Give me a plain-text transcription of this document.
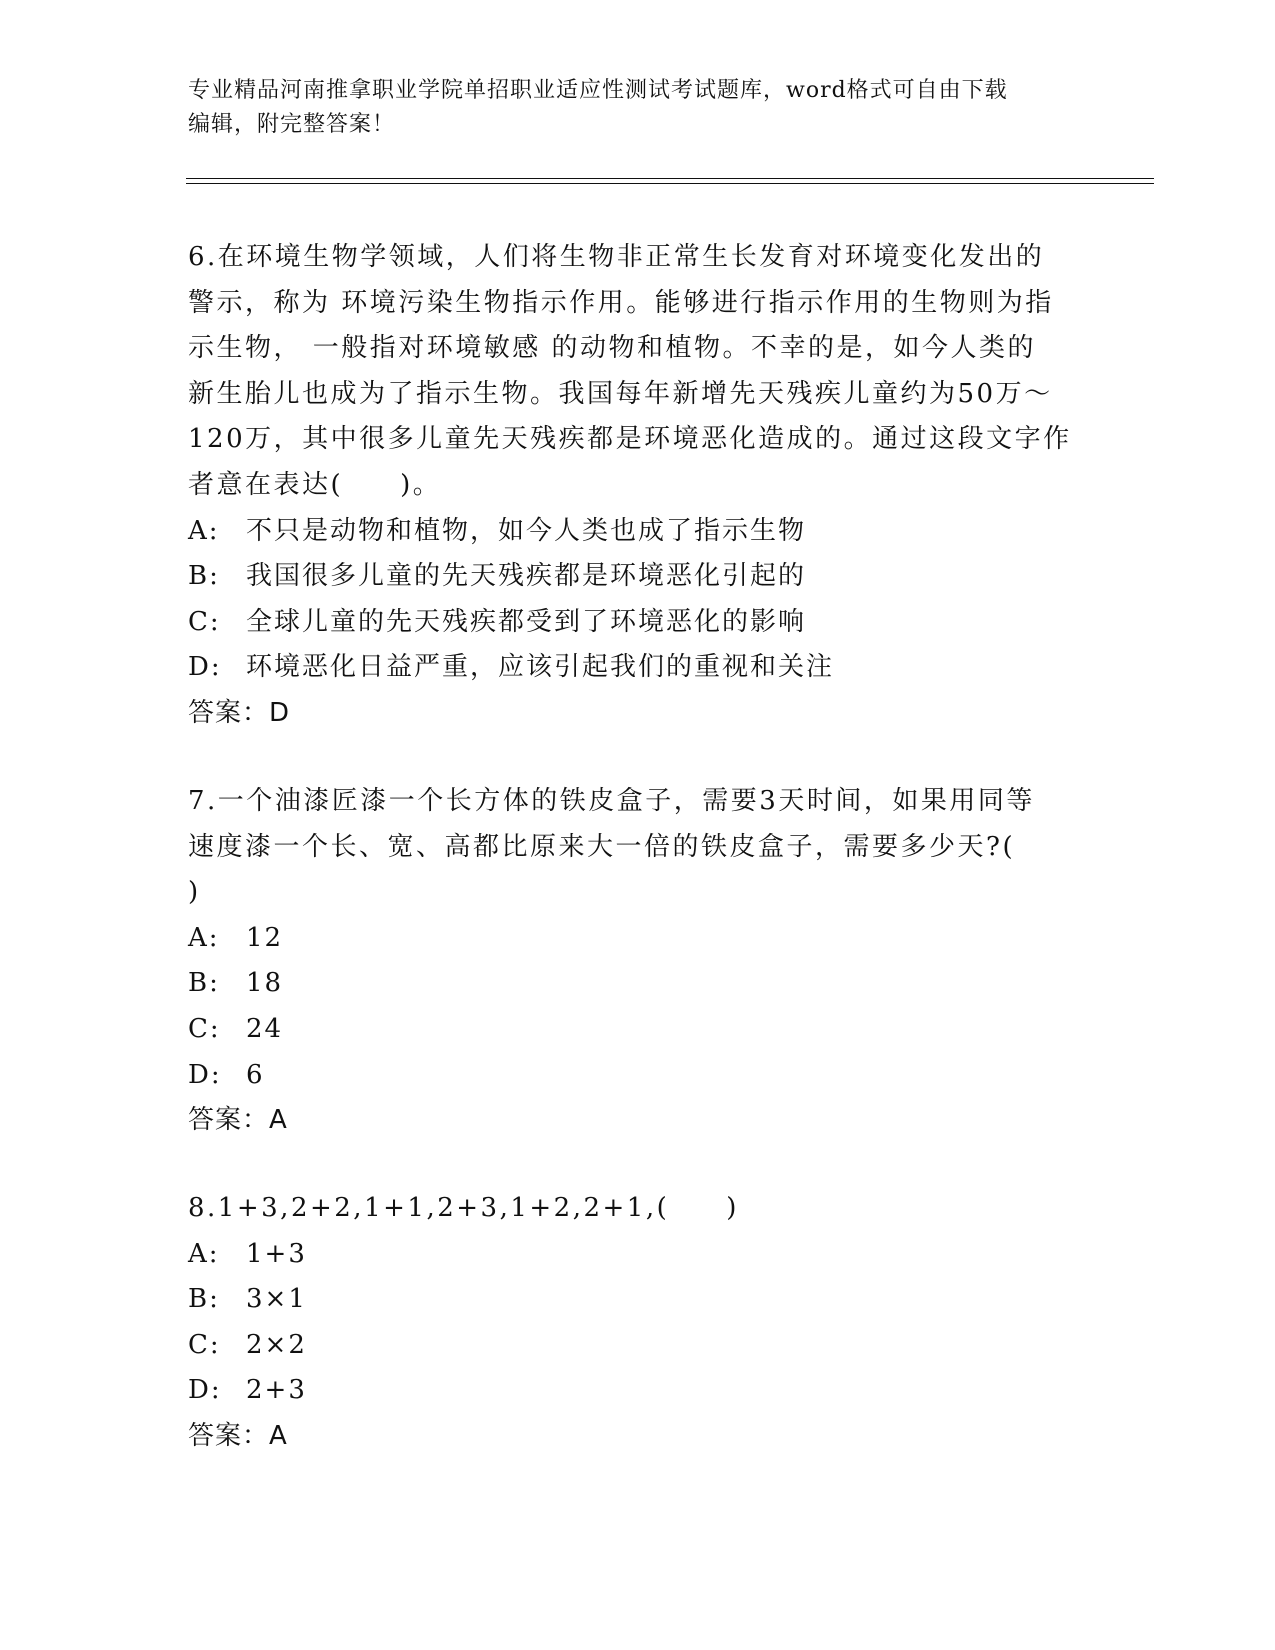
专业精品河南推拿职业学院单招职业适应性测试考试题库，word格式可自由下载
编辑，附完整答案！

6.在环境生物学领域，人们将生物非正常生长发育对环境变化发出的

警示，称为 环境污染生物指示作用。能够进行指示作用的生物则为指

示生物， 一般指对环境敏感 的动物和植物。不幸的是，如今人类的

新生胎儿也成为了指示生物。我国每年新增先天残疾儿童约为50万～

120万，其中很多儿童先天残疾都是环境恶化造成的。通过这段文字作

者意在表达(　　)。

A:	不只是动物和植物，如今人类也成了指示生物
B:	我国很多儿童的先天残疾都是环境恶化引起的
C: 全球儿童的先天残疾都受到了环境恶化的影响
D: 环境恶化日益严重，应该引起我们的重视和关注
答案：D

7.一个油漆匠漆一个长方体的铁皮盒子，需要3天时间，如果用同等

速度漆一个长、宽、高都比原来大一倍的铁皮盒子，需要多少天?(

)

A:	12
B:	18
C: 24
D: 6
答案：A

8.1+3,2+2,1+1,2+3,1+2,2+1,(　　)

A:	1+3
B:	3×1
C: 2×2
D: 2+3
答案：A
